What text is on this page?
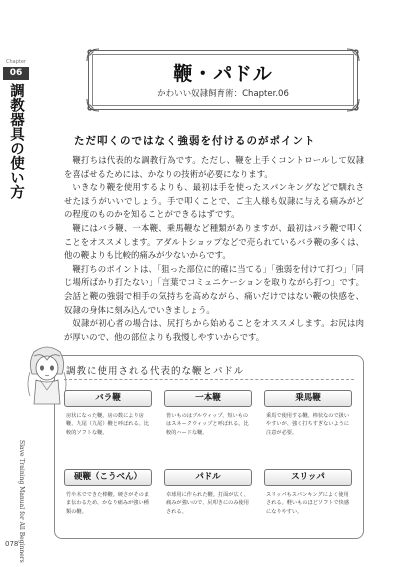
Chapter
06
調教器具の使い方
Slave Training Manual for All Beginners
078
鞭・パドル
かわいい奴隷飼育術：Chapter.06
ただ叩くのではなく強弱を付けるのがポイント

鞭打ちは代表的な調教行為です。ただし、鞭を上手くコントロールして奴隷を喜ばせるためには、かなりの技術が必要になります。

いきなり鞭を使用するよりも、最初は手を使ったスパンキングなどで馴れさせたほうがいいでしょう。手で叩くことで、ご主人様も奴隷に与える痛みがどの程度のものかを知ることができるはずです。

鞭にはバラ鞭、一本鞭、乗馬鞭など種類がありますが、最初はバラ鞭で叩くことをオススメします。アダルトショップなどで売られているバラ鞭の多くは、他の鞭よりも比較的痛みが少ないからです。

鞭打ちのポイントは、「狙った部位に的確に当てる」「強弱を付けて打つ」「同じ場所ばかり打たない」「言葉でコミュニケーションを取りながら打つ」です。会話と鞭の強弱で相手の気持ちを高めながら、痛いだけではない鞭の快感を、奴隷の身体に刻み込んでいきましょう。

奴隷が初心者の場合は、尻打ちから始めることをオススメします。お尻は肉が厚いので、他の部位よりも我慢しやすいからです。

調教に使用される代表的な鞭とパドル
バラ鞭
房状になった鞭。房の数により房鞭、九尾（九尾）鞭と呼ばれる。比較的ソフトな鞭。
一本鞭
皆いものはブルウィップ、短いものはスネークウィップと呼ばれる。比較的ハードな鞭。
乗馬鞭
乗馬で使用する鞭。棒状なので扱いやすいが、強く打ちすぎないように注意が必要。
硬鞭（こうべん）
竹や木でできた棒鞭。硬さがそのまま伝わるため、かなり痛みが強い種類の鞭。
パドル
卓球用に作られた鞭。打面が広く、痛みが強いので、尻叩きにのみ使用される。
スリッパ
スリッパもスパンキングによく使用される。軽いものほどソフトで快感になりやすい。
